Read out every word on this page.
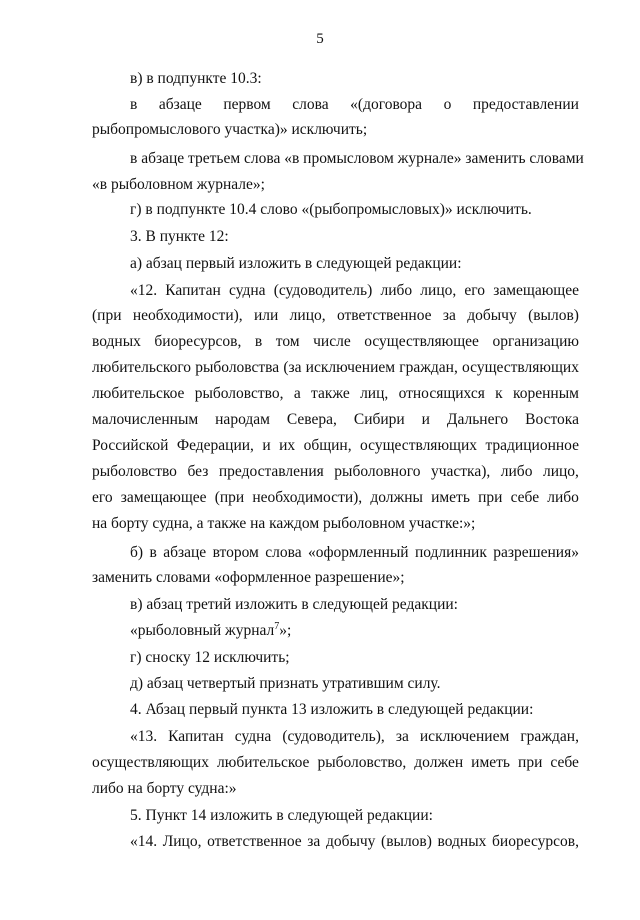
5
в) в подпункте 10.3:
в абзаце первом слова «(договора о предоставлении
рыбопромыслового участка)» исключить;
в абзаце третьем слова «в промысловом журнале» заменить словами
«в рыболовном журнале»;
г) в подпункте 10.4 слово «(рыбопромысловых)» исключить.
3. В пункте 12:
а) абзац первый изложить в следующей редакции:
«12. Капитан судна (судоводитель) либо лицо, его замещающее
(при необходимости), или лицо, ответственное за добычу (вылов)
водных биоресурсов, в том числе осуществляющее организацию
любительского рыболовства (за исключением граждан, осуществляющих
любительское рыболовство, а также лиц, относящихся к коренным
малочисленным народам Севера, Сибири и Дальнего Востока
Российской Федерации, и их общин, осуществляющих традиционное
рыболовство без предоставления рыболовного участка), либо лицо,
его замещающее (при необходимости), должны иметь при себе либо
на борту судна, а также на каждом рыболовном участке:»;
б) в абзаце втором слова «оформленный подлинник разрешения»
заменить словами «оформленное разрешение»;
в) абзац третий изложить в следующей редакции:
«рыболовный журнал$^7$»;
г) сноску 12 исключить;
д) абзац четвертый признать утратившим силу.
4. Абзац первый пункта 13 изложить в следующей редакции:
«13. Капитан судна (судоводитель), за исключением граждан,
осуществляющих любительское рыболовство, должен иметь при себе
либо на борту судна:»
5. Пункт 14 изложить в следующей редакции:
«14. Лицо, ответственное за добычу (вылов) водных биоресурсов,
